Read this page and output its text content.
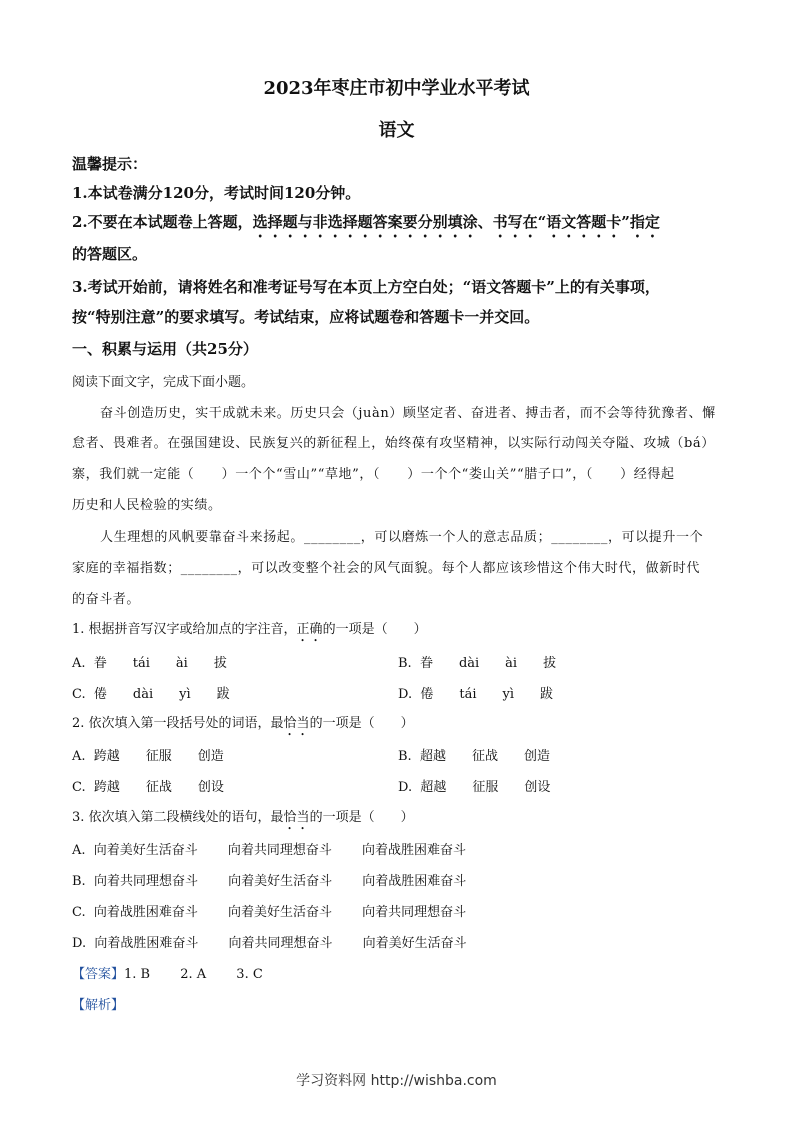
2023年枣庄市初中学业水平考试
语文
温馨提示：
1.本试卷满分120分，考试时间120分钟。
2.不要在本试题卷上答题，选择题与非选择题答案要分别填涂、书写在“语文答题卡”指定
的答题区。
3.考试开始前，请将姓名和准考证号写在本页上方空白处；“语文答题卡”上的有关事项，
按“特别注意”的要求填写。考试结束，应将试题卷和答题卡一并交回。
一、积累与运用（共25分）
阅读下面文字，完成下面小题。
奋斗创造历史，实干成就未来。历史只会（juàn）顾坚定者、奋进者、搏击者，而不会等待犹豫者、懈
怠者、畏难者。在强国建设、民族复兴的新征程上，始终葆有攻坚精神，以实际行动闯关夺隘、攻城（bá）
寨，我们就一定能（　　）一个个“雪山”“草地”，（　　）一个个“娄山关”“腊子口”，（　　）经得起
历史和人民检验的实绩。
人生理想的风帆要靠奋斗来扬起。________，可以磨炼一个人的意志品质；________，可以提升一个
家庭的幸福指数；________，可以改变整个社会的风气面貌。每个人都应该珍惜这个伟大时代，做新时代
的奋斗者。
1. 根据拼音写汉字或给加点的字注音，正确的一项是（　　）
A.  眷　　tái　　ài　　拔	B.  眷　　dài　　ài　　拔
C.  倦　　dài　　yì　　跋	D.  倦　　tái　　yì　　跋
2. 依次填入第一段括号处的词语，最恰当的一项是（　　）
A.  跨越　　征服　　创造	B.  超越　　征战　　创造
C.  跨越　　征战　　创设	D.  超越　　征服　　创设
3. 依次填入第二段横线处的语句，最恰当的一项是（　　）
A.  向着美好生活奋斗　　 向着共同理想奋斗　　 向着战胜困难奋斗
B.  向着共同理想奋斗　　 向着美好生活奋斗　　 向着战胜困难奋斗
C.  向着战胜困难奋斗　　 向着美好生活奋斗　　 向着共同理想奋斗
D.  向着战胜困难奋斗　　 向着共同理想奋斗　　 向着美好生活奋斗
【答案】1. B　　 2. A　　 3. C
【解析】
学习资料网 http://wishba.com
